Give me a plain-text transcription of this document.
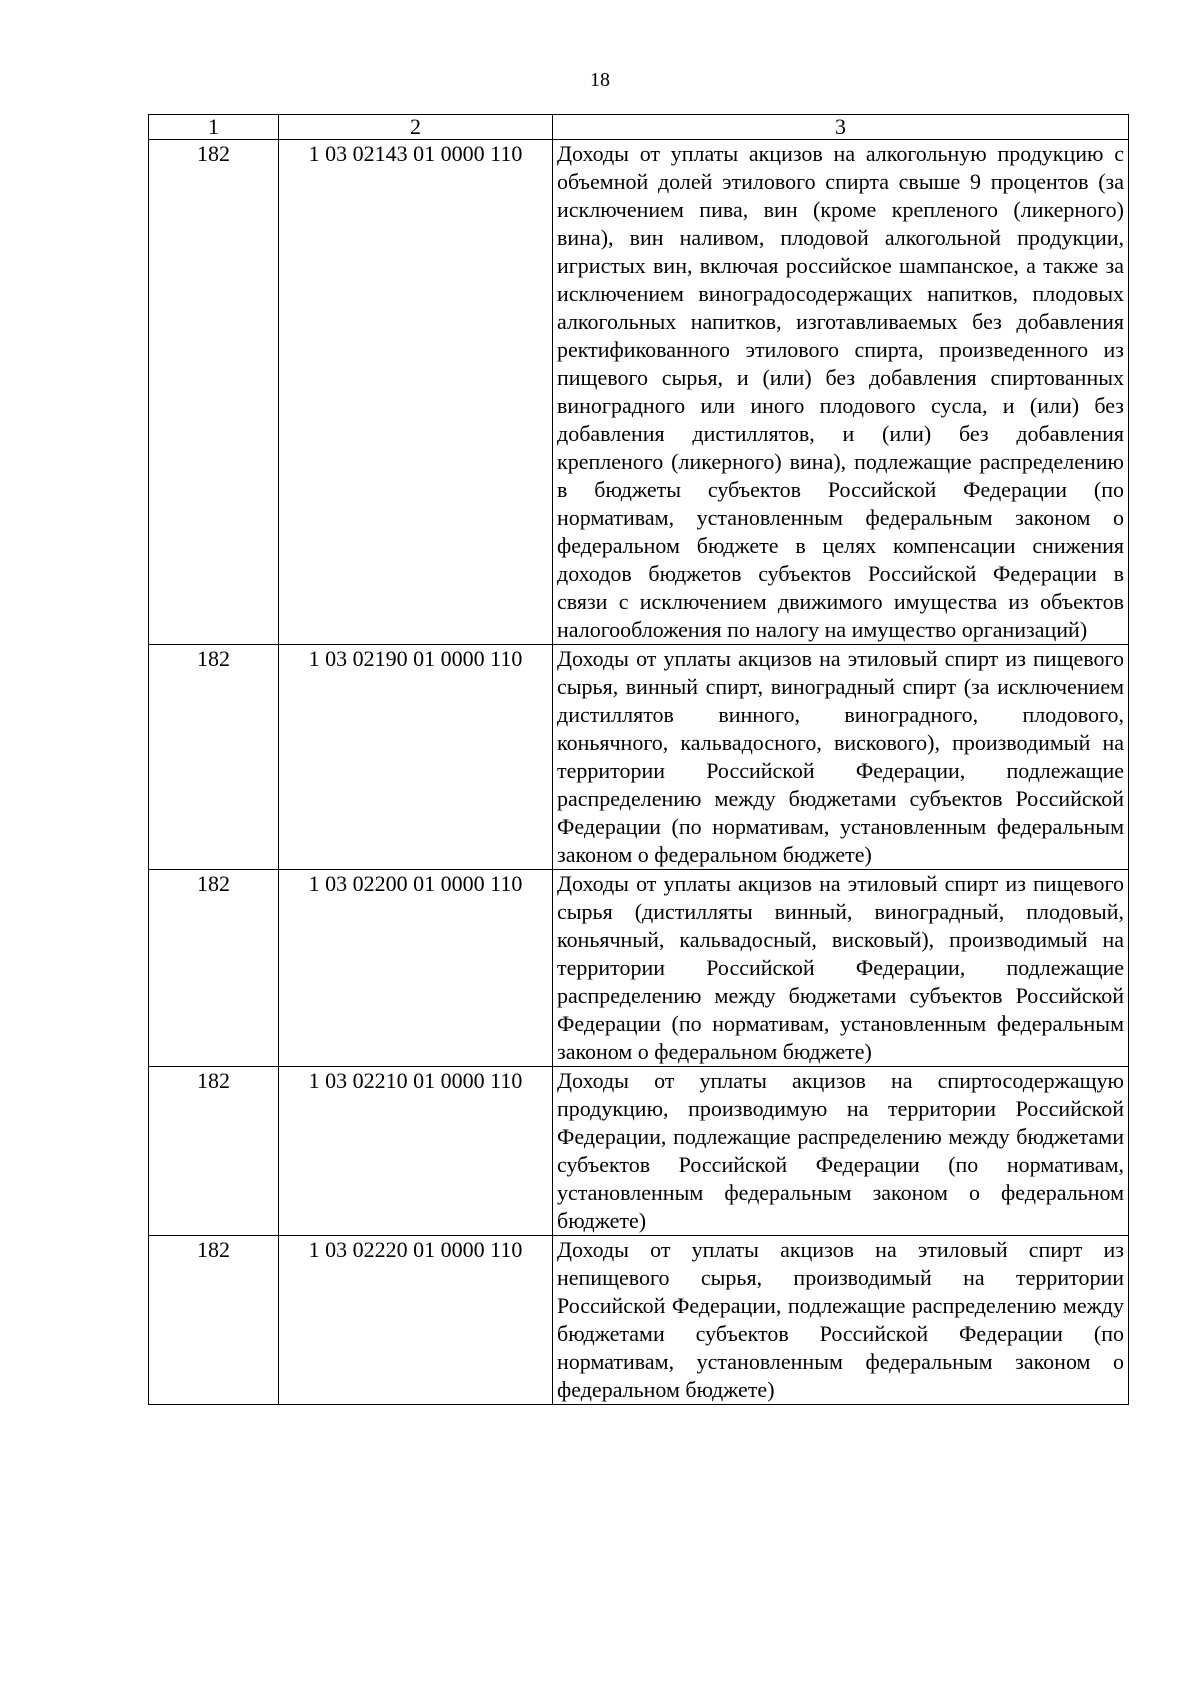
18
1	2	3
182	1 03 02143 01 0000 110	Доходы от уплаты акцизов на алкогольную продукцию с объемной долей этилового спирта свыше 9 процентов (за исключением пива, вин (кроме крепленого (ликерного) вина), вин наливом, плодовой алкогольной продукции, игристых вин, включая российское шампанское, а также за исключением виноградосодержащих напитков, плодовых алкогольных напитков, изготавливаемых без добавления ректификованного этилового спирта, произведенного из пищевого сырья, и (или) без добавления спиртованных виноградного или иного плодового сусла, и (или) без добавления дистиллятов, и (или) без добавления крепленого (ликерного) вина), подлежащие распределению в бюджеты субъектов Российской Федерации (по нормативам, установленным федеральным законом о федеральном бюджете в целях компенсации снижения доходов бюджетов субъектов Российской Федерации в связи с исключением движимого имущества из объектов налогообложения по налогу на имущество организаций)
182	1 03 02190 01 0000 110	Доходы от уплаты акцизов на этиловый спирт из пищевого сырья, винный спирт, виноградный спирт (за исключением дистиллятов винного, виноградного, плодового, коньячного, кальвадосного, вискового), производимый на территории Российской Федерации, подлежащие распределению между бюджетами субъектов Российской Федерации (по нормативам, установленным федеральным законом о федеральном бюджете)
182	1 03 02200 01 0000 110	Доходы от уплаты акцизов на этиловый спирт из пищевого сырья (дистилляты винный, виноградный, плодовый, коньячный, кальвадосный, висковый), производимый на территории Российской Федерации, подлежащие распределению между бюджетами субъектов Российской Федерации (по нормативам, установленным федеральным законом о федеральном бюджете)
182	1 03 02210 01 0000 110	Доходы от уплаты акцизов на спиртосодержащую продукцию, производимую на территории Российской Федерации, подлежащие распределению между бюджетами субъектов Российской Федерации (по нормативам, установленным федеральным законом о федеральном бюджете)
182	1 03 02220 01 0000 110	Доходы от уплаты акцизов на этиловый спирт из непищевого сырья, производимый на территории Российской Федерации, подлежащие распределению между бюджетами субъектов Российской Федерации (по нормативам, установленным федеральным законом о федеральном бюджете)
